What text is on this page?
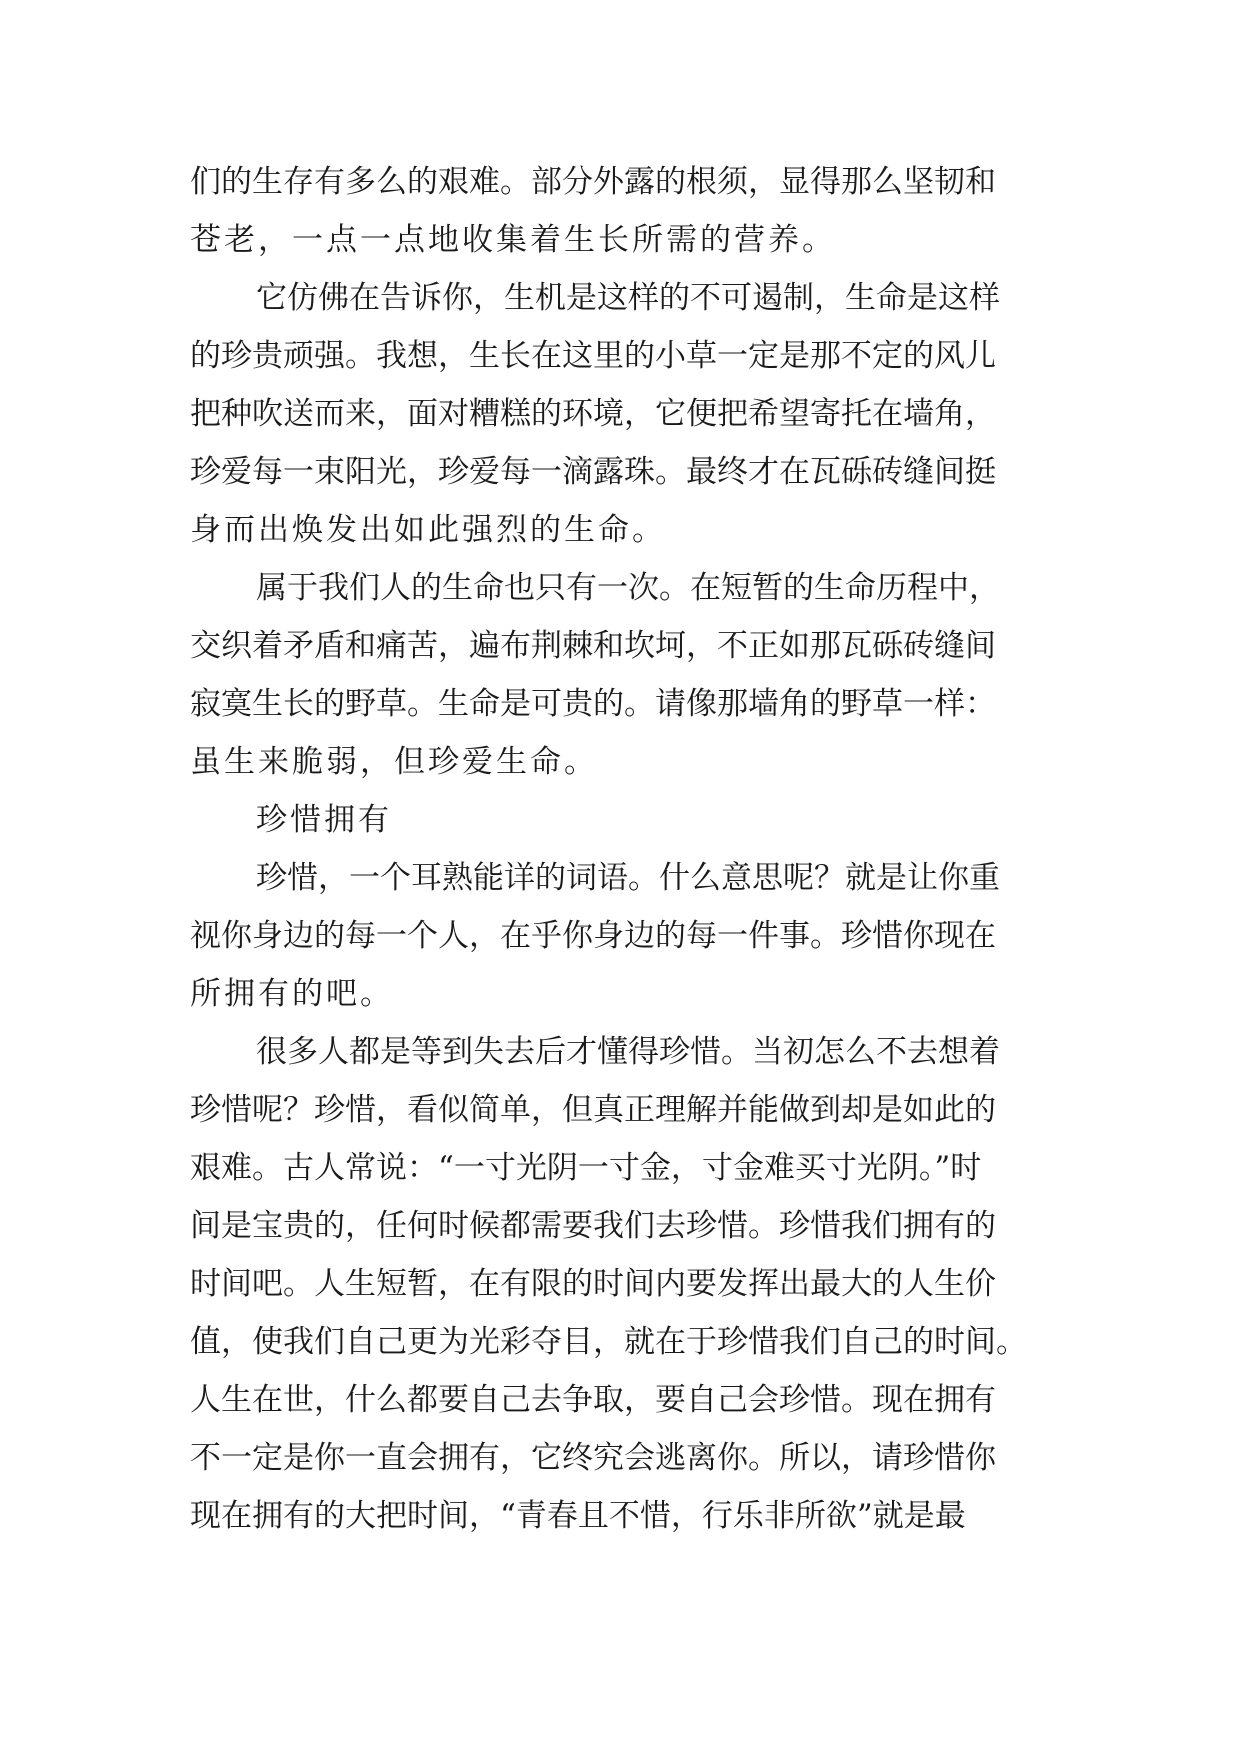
们的生存有多么的艰难。部分外露的根须，显得那么坚韧和
苍老，一点一点地收集着生长所需的营养。
它仿佛在告诉你，生机是这样的不可遏制，生命是这样
的珍贵顽强。我想，生长在这里的小草一定是那不定的风儿
把种吹送而来，面对糟糕的环境，它便把希望寄托在墙角，
珍爱每一束阳光，珍爱每一滴露珠。最终才在瓦砾砖缝间挺
身而出焕发出如此强烈的生命。
属于我们人的生命也只有一次。在短暂的生命历程中，
交织着矛盾和痛苦，遍布荆棘和坎坷，不正如那瓦砾砖缝间
寂寞生长的野草。生命是可贵的。请像那墙角的野草一样：
虽生来脆弱，但珍爱生命。
珍惜拥有
珍惜，一个耳熟能详的词语。什么意思呢？就是让你重
视你身边的每一个人，在乎你身边的每一件事。珍惜你现在
所拥有的吧。
很多人都是等到失去后才懂得珍惜。当初怎么不去想着
珍惜呢？珍惜，看似简单，但真正理解并能做到却是如此的
艰难。古人常说：“一寸光阴一寸金，寸金难买寸光阴。”时
间是宝贵的，任何时候都需要我们去珍惜。珍惜我们拥有的
时间吧。人生短暂，在有限的时间内要发挥出最大的人生价
值，使我们自己更为光彩夺目，就在于珍惜我们自己的时间。
人生在世，什么都要自己去争取，要自己会珍惜。现在拥有
不一定是你一直会拥有，它终究会逃离你。所以，请珍惜你
现在拥有的大把时间，“青春且不惜，行乐非所欲”就是最
